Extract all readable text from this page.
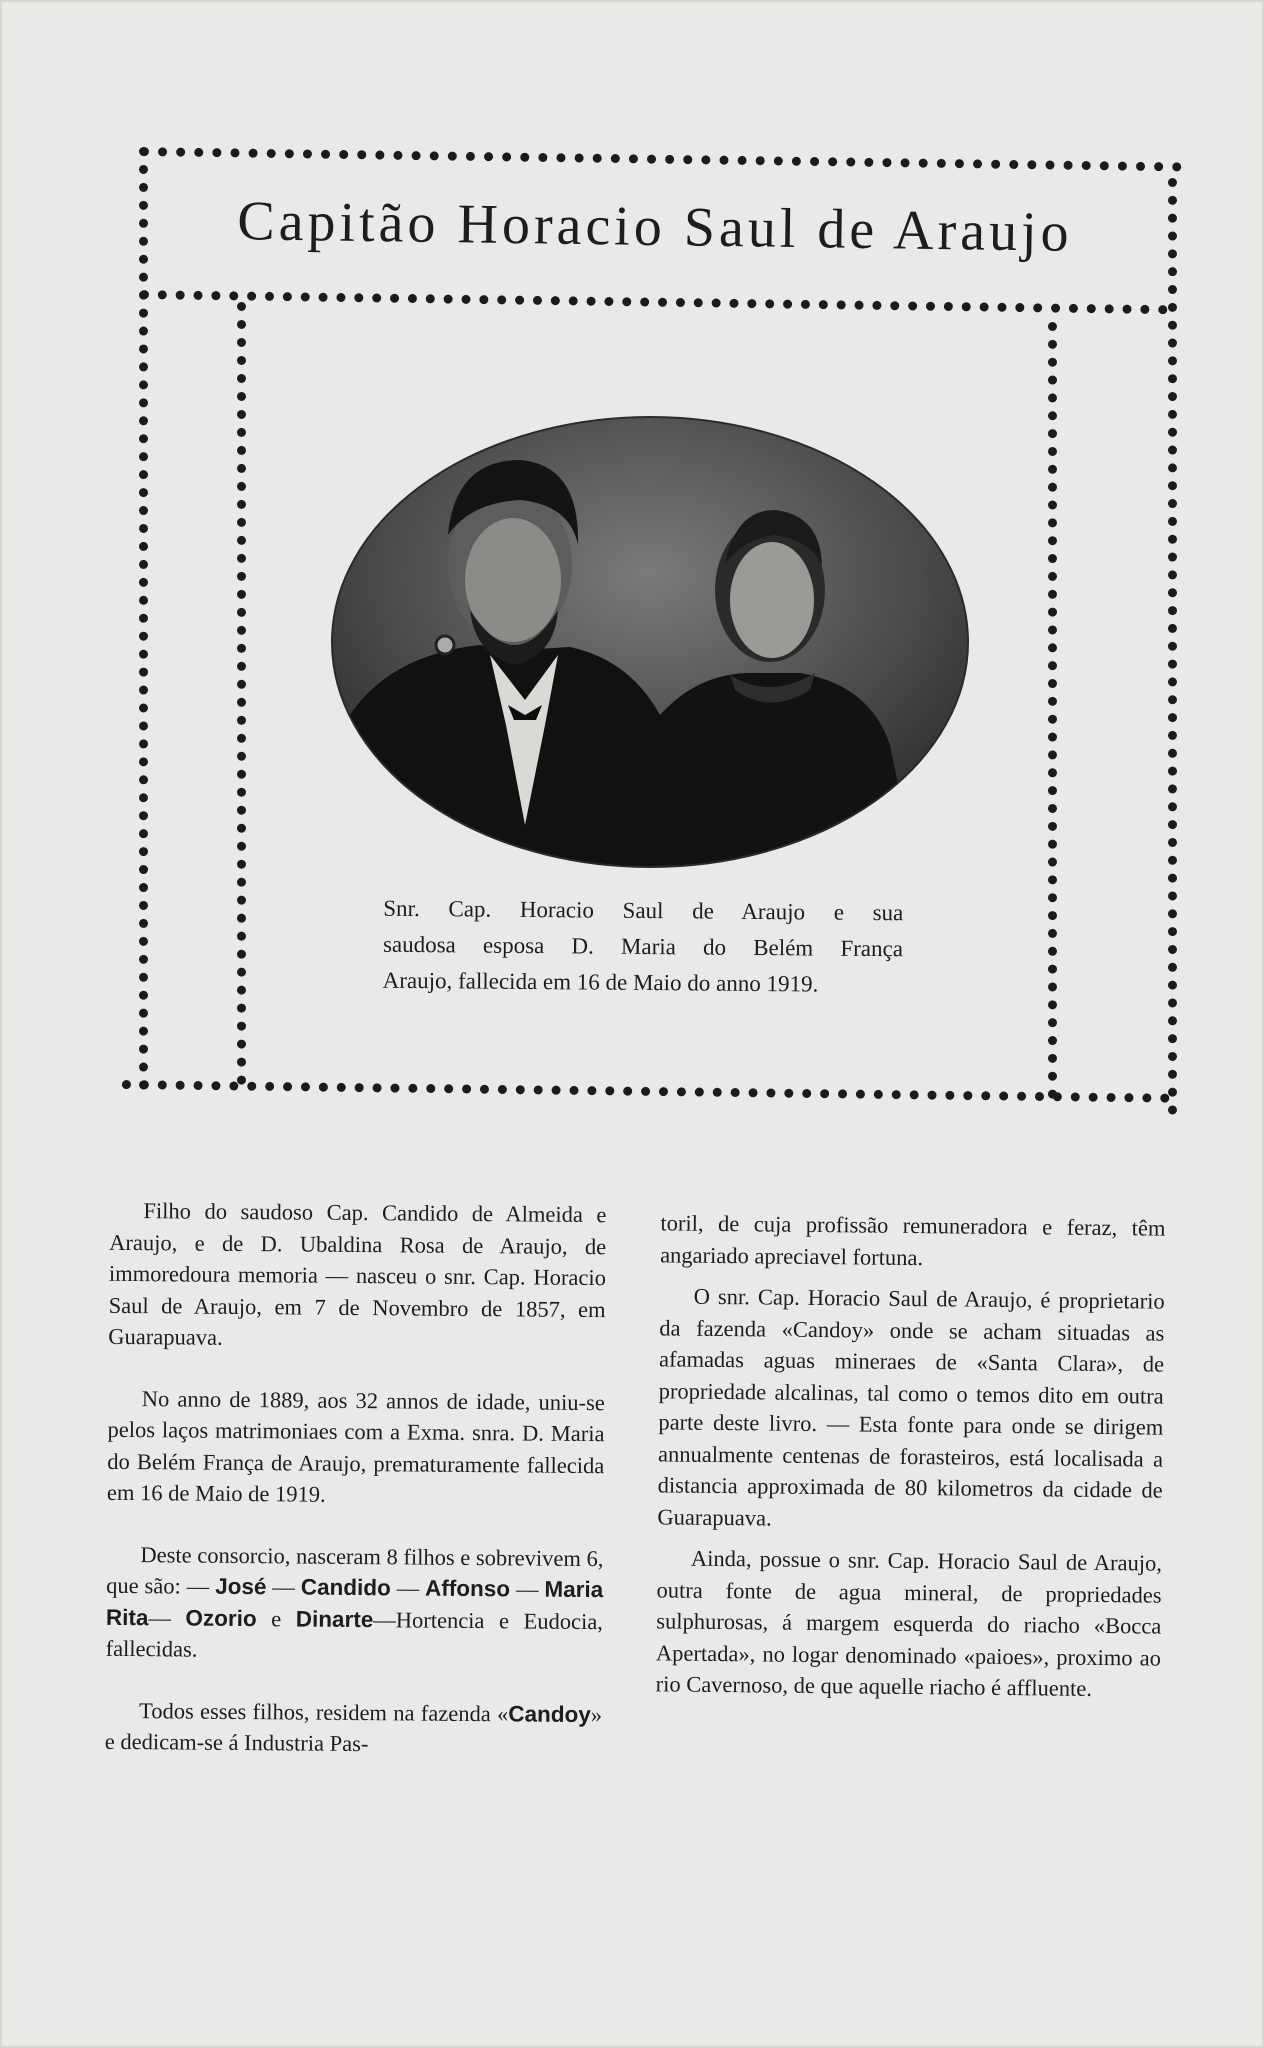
Capitão Horacio Saul de Araujo
Snr. Cap. Horacio Saul de Araujo e sua
saudosa esposa D. Maria do Belém França
Araujo, fallecida em 16 de Maio do anno 1919.

Filho do saudoso Cap. Candido de Almeida e Araujo, e de D. Ubaldina Rosa de Araujo, de immoredoura memoria — nasceu o snr. Cap. Horacio Saul de Araujo, em 7 de Novembro de 1857, em Guarapuava.

No anno de 1889, aos 32 annos de idade, uniu-se pelos laços matrimoniaes com a Exma. snra. D. Maria do Belém França de Araujo, prematuramente fallecida em 16 de Maio de 1919.

Deste consorcio, nasceram 8 filhos e sobrevivem 6, que são: — José — Candido — Affonso — Maria Rita— Ozorio e Dinarte—Hortencia e Eudocia, fallecidas.

Todos esses filhos, residem na fazenda «Candoy» e dedicam-se á Industria Pas-

toril, de cuja profissão remuneradora e feraz, têm angariado apreciavel fortuna.

O snr. Cap. Horacio Saul de Araujo, é proprietario da fazenda «Candoy» onde se acham situadas as afamadas aguas mineraes de «Santa Clara», de propriedade alcalinas, tal como o temos dito em outra parte deste livro. — Esta fonte para onde se dirigem annualmente centenas de forasteiros, está localisada a distancia approximada de 80 kilometros da cidade de Guarapuava.

Ainda, possue o snr. Cap. Horacio Saul de Araujo, outra fonte de agua mineral, de propriedades sulphurosas, á margem esquerda do riacho «Bocca Apertada», no logar denominado «paioes», proximo ao rio Cavernoso, de que aquelle riacho é affluente.
